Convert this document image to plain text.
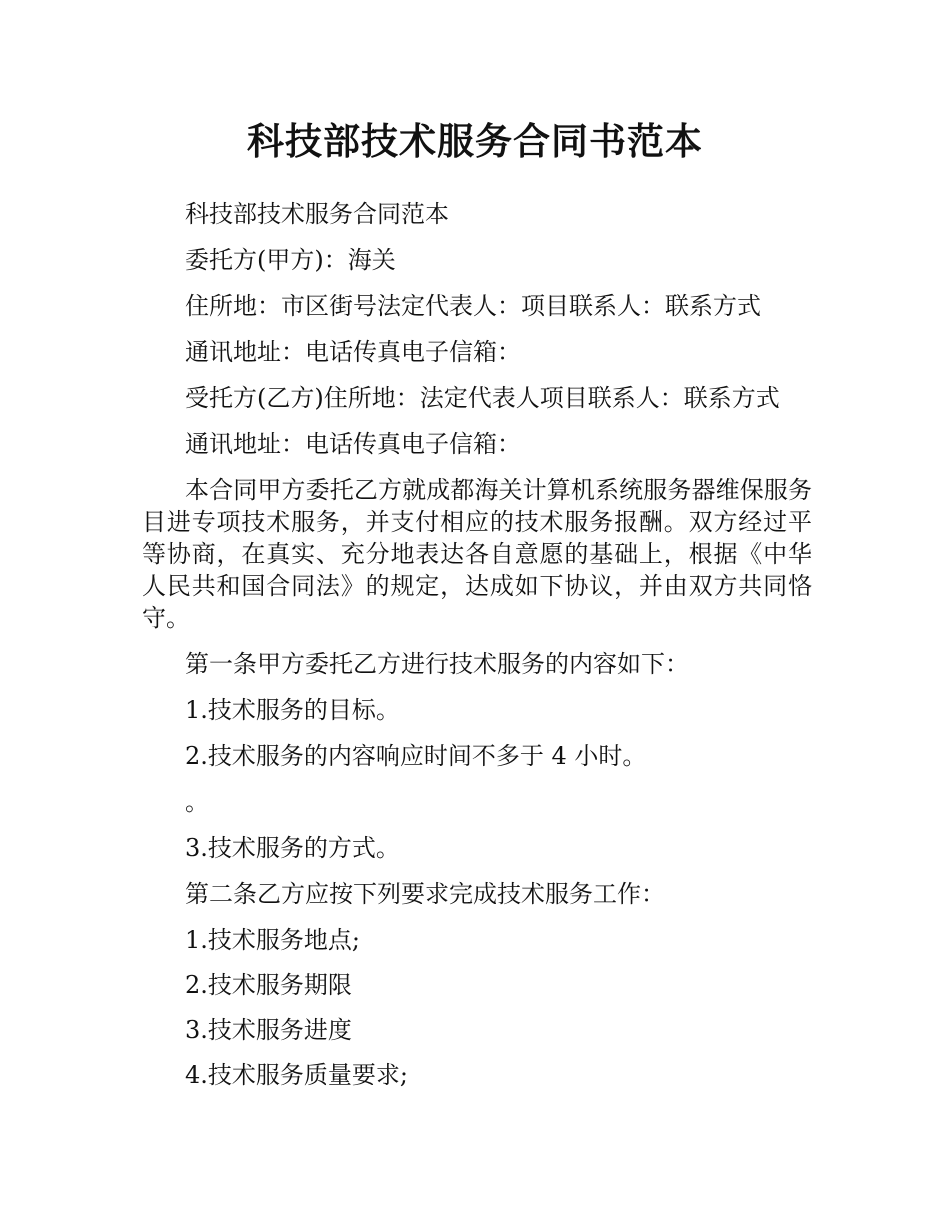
科技部技术服务合同书范本

科技部技术服务合同范本

委托方(甲方)：海关

住所地：市区街号法定代表人：项目联系人：联系方式

通讯地址：电话传真电子信箱：

受托方(乙方)住所地：法定代表人项目联系人：联系方式

通讯地址：电话传真电子信箱：

本合同甲方委托乙方就成都海关计算机系统服务器维保服务目进专项技术服务，并支付相应的技术服务报酬。双方经过平等协商，在真实、充分地表达各自意愿的基础上，根据《中华人民共和国合同法》的规定，达成如下协议，并由双方共同恪守。

第一条甲方委托乙方进行技术服务的内容如下：

1.技术服务的目标。

2.技术服务的内容响应时间不多于 4 小时。

。

3.技术服务的方式。

第二条乙方应按下列要求完成技术服务工作：

1.技术服务地点;

2.技术服务期限

3.技术服务进度

4.技术服务质量要求;
